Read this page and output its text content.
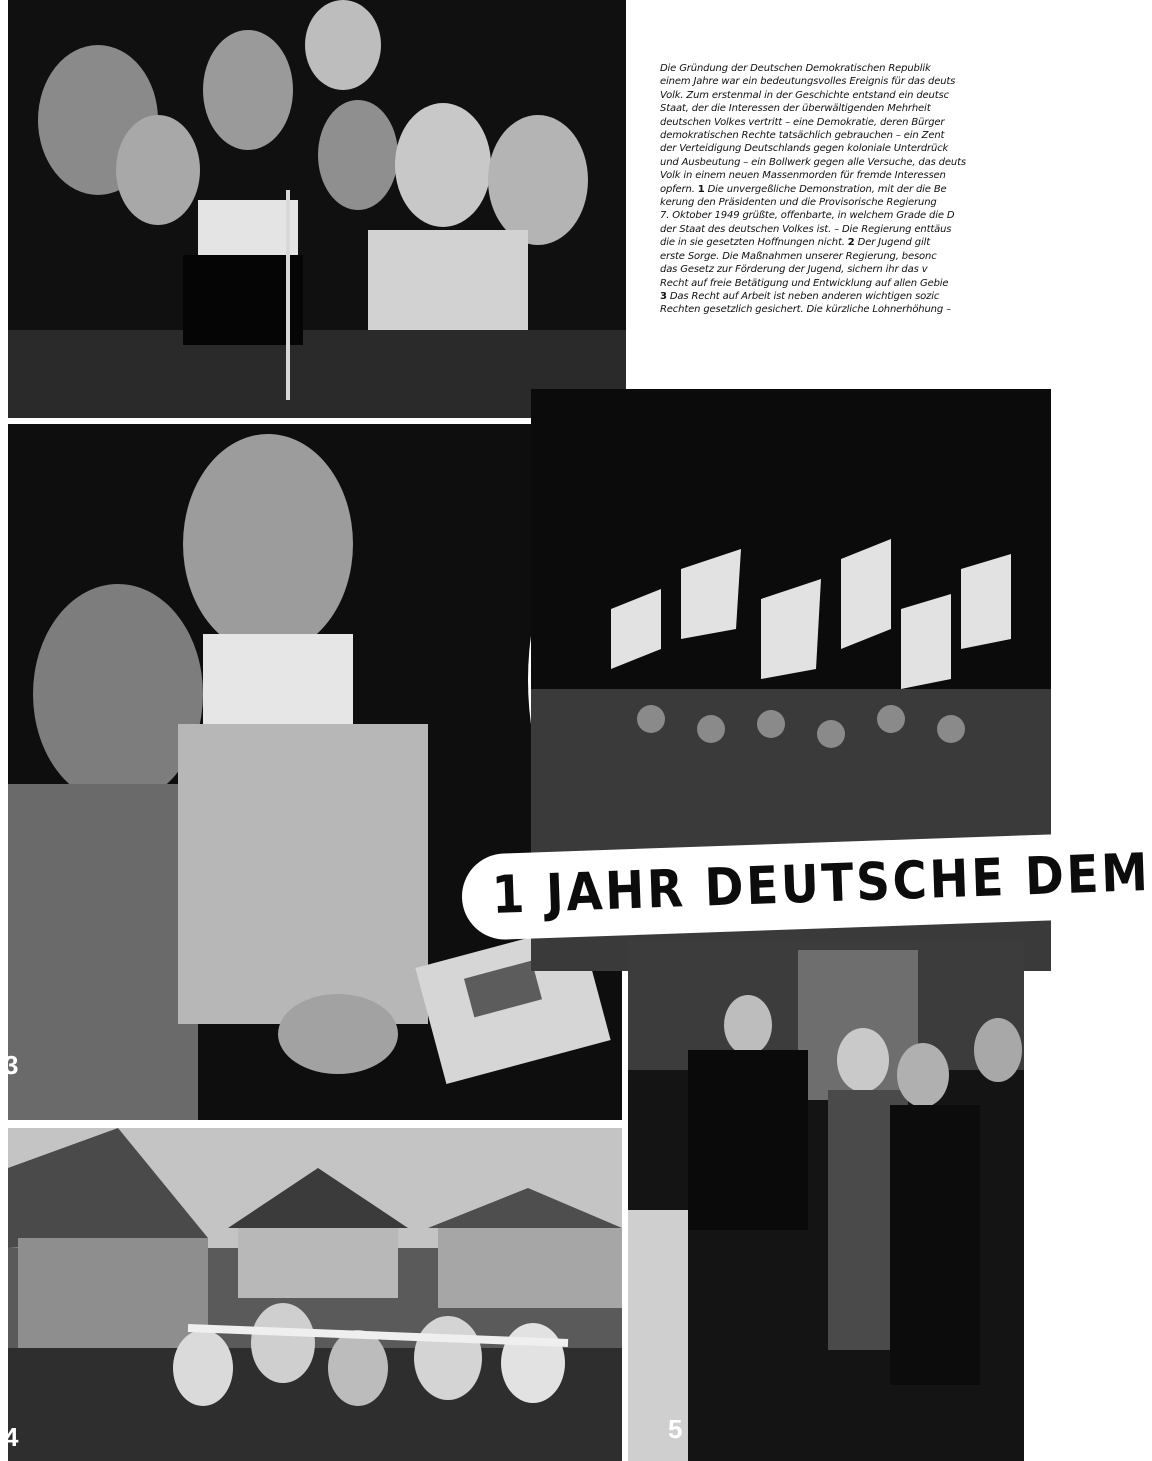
Die Gründung der Deutschen Demokratischen Republik

einem Jahre war ein bedeutungsvolles Ereignis für das deuts

Volk. Zum erstenmal in der Geschichte entstand ein deutsc

Staat, der die Interessen der überwältigenden Mehrheit

deutschen Volkes vertritt – eine Demokratie, deren Bürger

demokratischen Rechte tatsächlich gebrauchen – ein Zent

der Verteidigung Deutschlands gegen koloniale Unterdrück

und Ausbeutung – ein Bollwerk gegen alle Versuche, das deuts

Volk in einem neuen Massenmorden für fremde Interessen

opfern. 1 Die unvergeßliche Demonstration, mit der die Be

kerung den Präsidenten und die Provisorische Regierung

7. Oktober 1949 grüßte, offenbarte, in welchem Grade die D

der Staat des deutschen Volkes ist. – Die Regierung enttäus

die in sie gesetzten Hoffnungen nicht. 2 Der Jugend gilt

erste Sorge. Die Maßnahmen unserer Regierung, besonc

das Gesetz zur Förderung der Jugend, sichern ihr das v

Recht auf freie Betätigung und Entwicklung auf allen Gebie

3 Das Recht auf Arbeit ist neben anderen wichtigen sozic

Rechten gesetzlich gesichert. Die kürzliche Lohnerhöhung –

3
1 JAHR DEUTSCHE DEM
4	5
